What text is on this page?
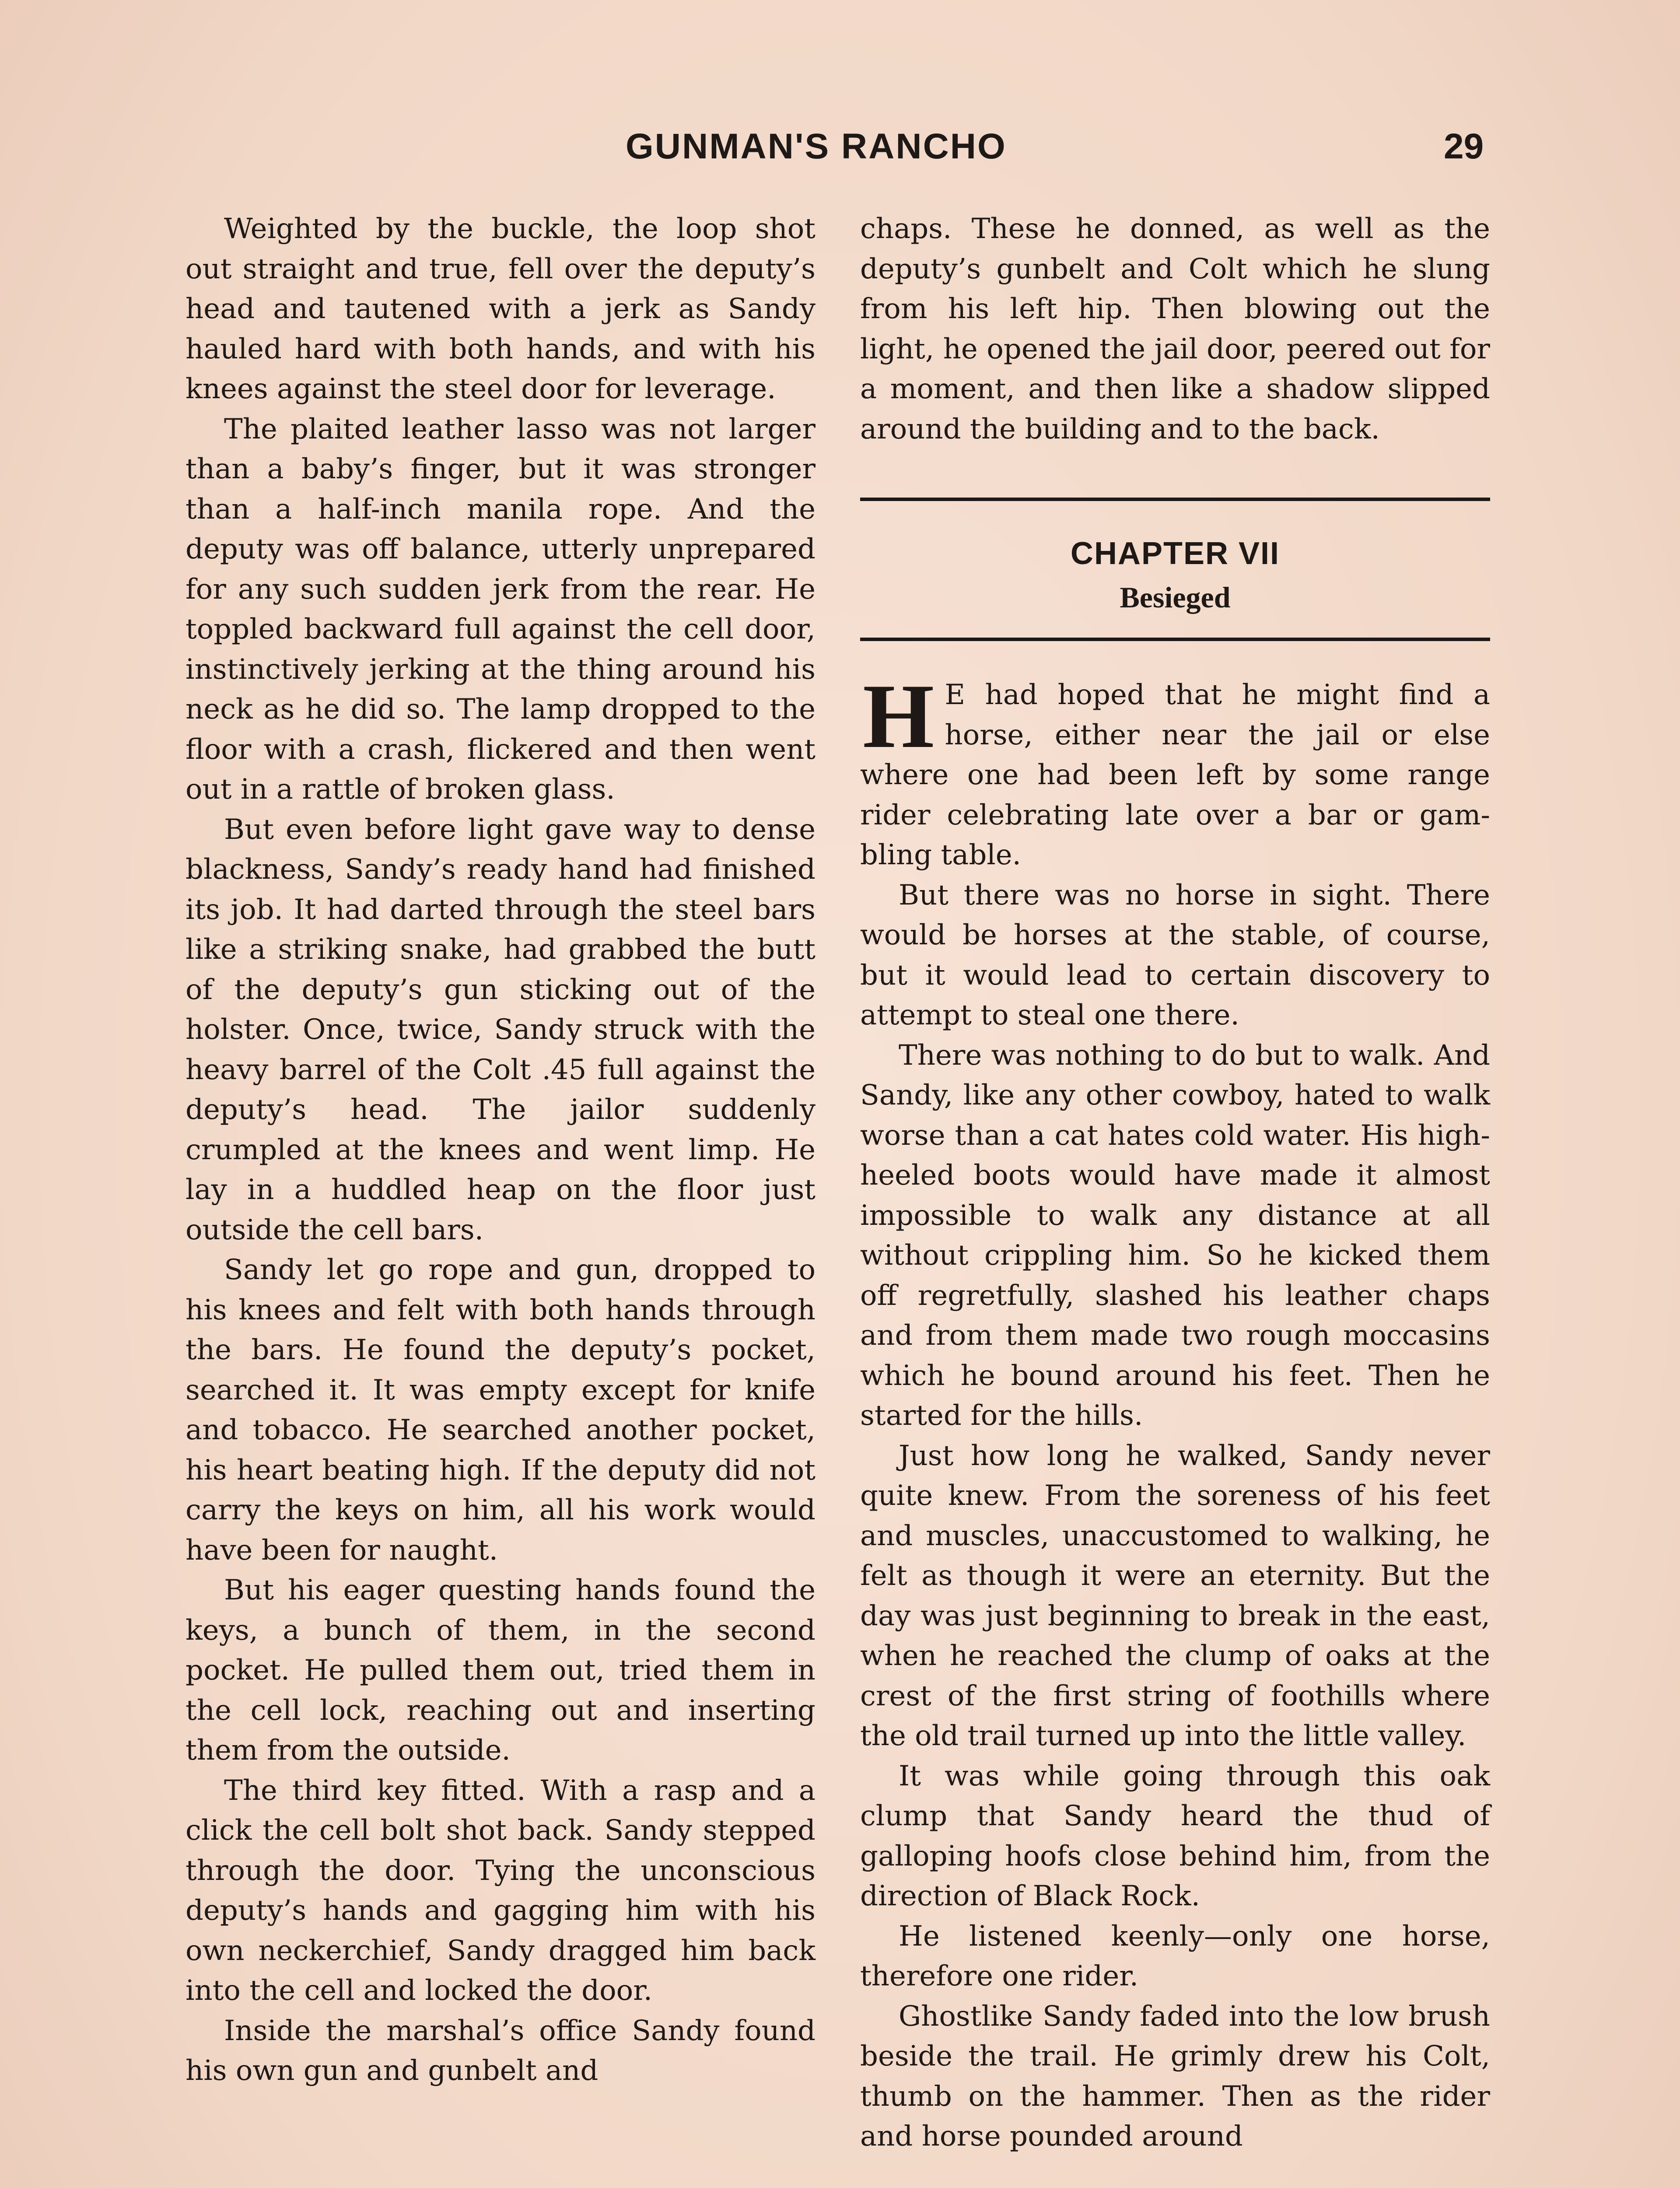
GUNMAN'S RANCHO	29

Weighted by the buckle, the loop shot out straight and true, fell over the deputy’s head and tautened with a jerk as Sandy hauled hard with both hands, and with his knees against the steel door for leverage.

The plaited leather lasso was not larger than a baby’s finger, but it was stronger than a half-inch manila rope. And the deputy was off balance, utterly unprepared for any such sudden jerk from the rear. He toppled backward full against the cell door, instinctively jerking at the thing around his neck as he did so. The lamp dropped to the floor with a crash, flickered and then went out in a rattle of broken glass.

But even before light gave way to dense blackness, Sandy’s ready hand had finished its job. It had darted through the steel bars like a striking snake, had grabbed the butt of the deputy’s gun sticking out of the holster. Once, twice, Sandy struck with the heavy barrel of the Colt .45 full against the deputy’s head. The jailor suddenly crumpled at the knees and went limp. He lay in a huddled heap on the floor just outside the cell bars.

Sandy let go rope and gun, dropped to his knees and felt with both hands through the bars. He found the deputy’s pocket, searched it. It was empty except for knife and tobacco. He searched another pocket, his heart beating high. If the deputy did not carry the keys on him, all his work would have been for naught.

But his eager questing hands found the keys, a bunch of them, in the second pocket. He pulled them out, tried them in the cell lock, reaching out and inserting them from the outside.

The third key fitted. With a rasp and a click the cell bolt shot back. Sandy stepped through the door. Tying the unconscious deputy’s hands and gagging him with his own neckerchief, Sandy dragged him back into the cell and locked the door.

Inside the marshal’s office Sandy found his own gun and gunbelt and

chaps. These he donned, as well as the deputy’s gunbelt and Colt which he slung from his left hip. Then blowing out the light, he opened the jail door, peered out for a moment, and then like a shadow slipped around the building and to the back.

CHAPTER VII
Besieged

H E had hoped that he might find a horse, either near the jail or else where one had been left by some range rider celebrating late over a bar or gambling table.

But there was no horse in sight. There would be horses at the stable, of course, but it would lead to certain discovery to attempt to steal one there.

There was nothing to do but to walk. And Sandy, like any other cowboy, hated to walk worse than a cat hates cold water. His high-heeled boots would have made it almost impossible to walk any distance at all without crippling him. So he kicked them off regretfully, slashed his leather chaps and from them made two rough moccasins which he bound around his feet. Then he started for the hills.

Just how long he walked, Sandy never quite knew. From the soreness of his feet and muscles, unaccustomed to walking, he felt as though it were an eternity. But the day was just beginning to break in the east, when he reached the clump of oaks at the crest of the first string of foothills where the old trail turned up into the little valley.

It was while going through this oak clump that Sandy heard the thud of galloping hoofs close behind him, from the direction of Black Rock.

He listened keenly—only one horse, therefore one rider.

Ghostlike Sandy faded into the low brush beside the trail. He grimly drew his Colt, thumb on the hammer. Then as the rider and horse pounded around
